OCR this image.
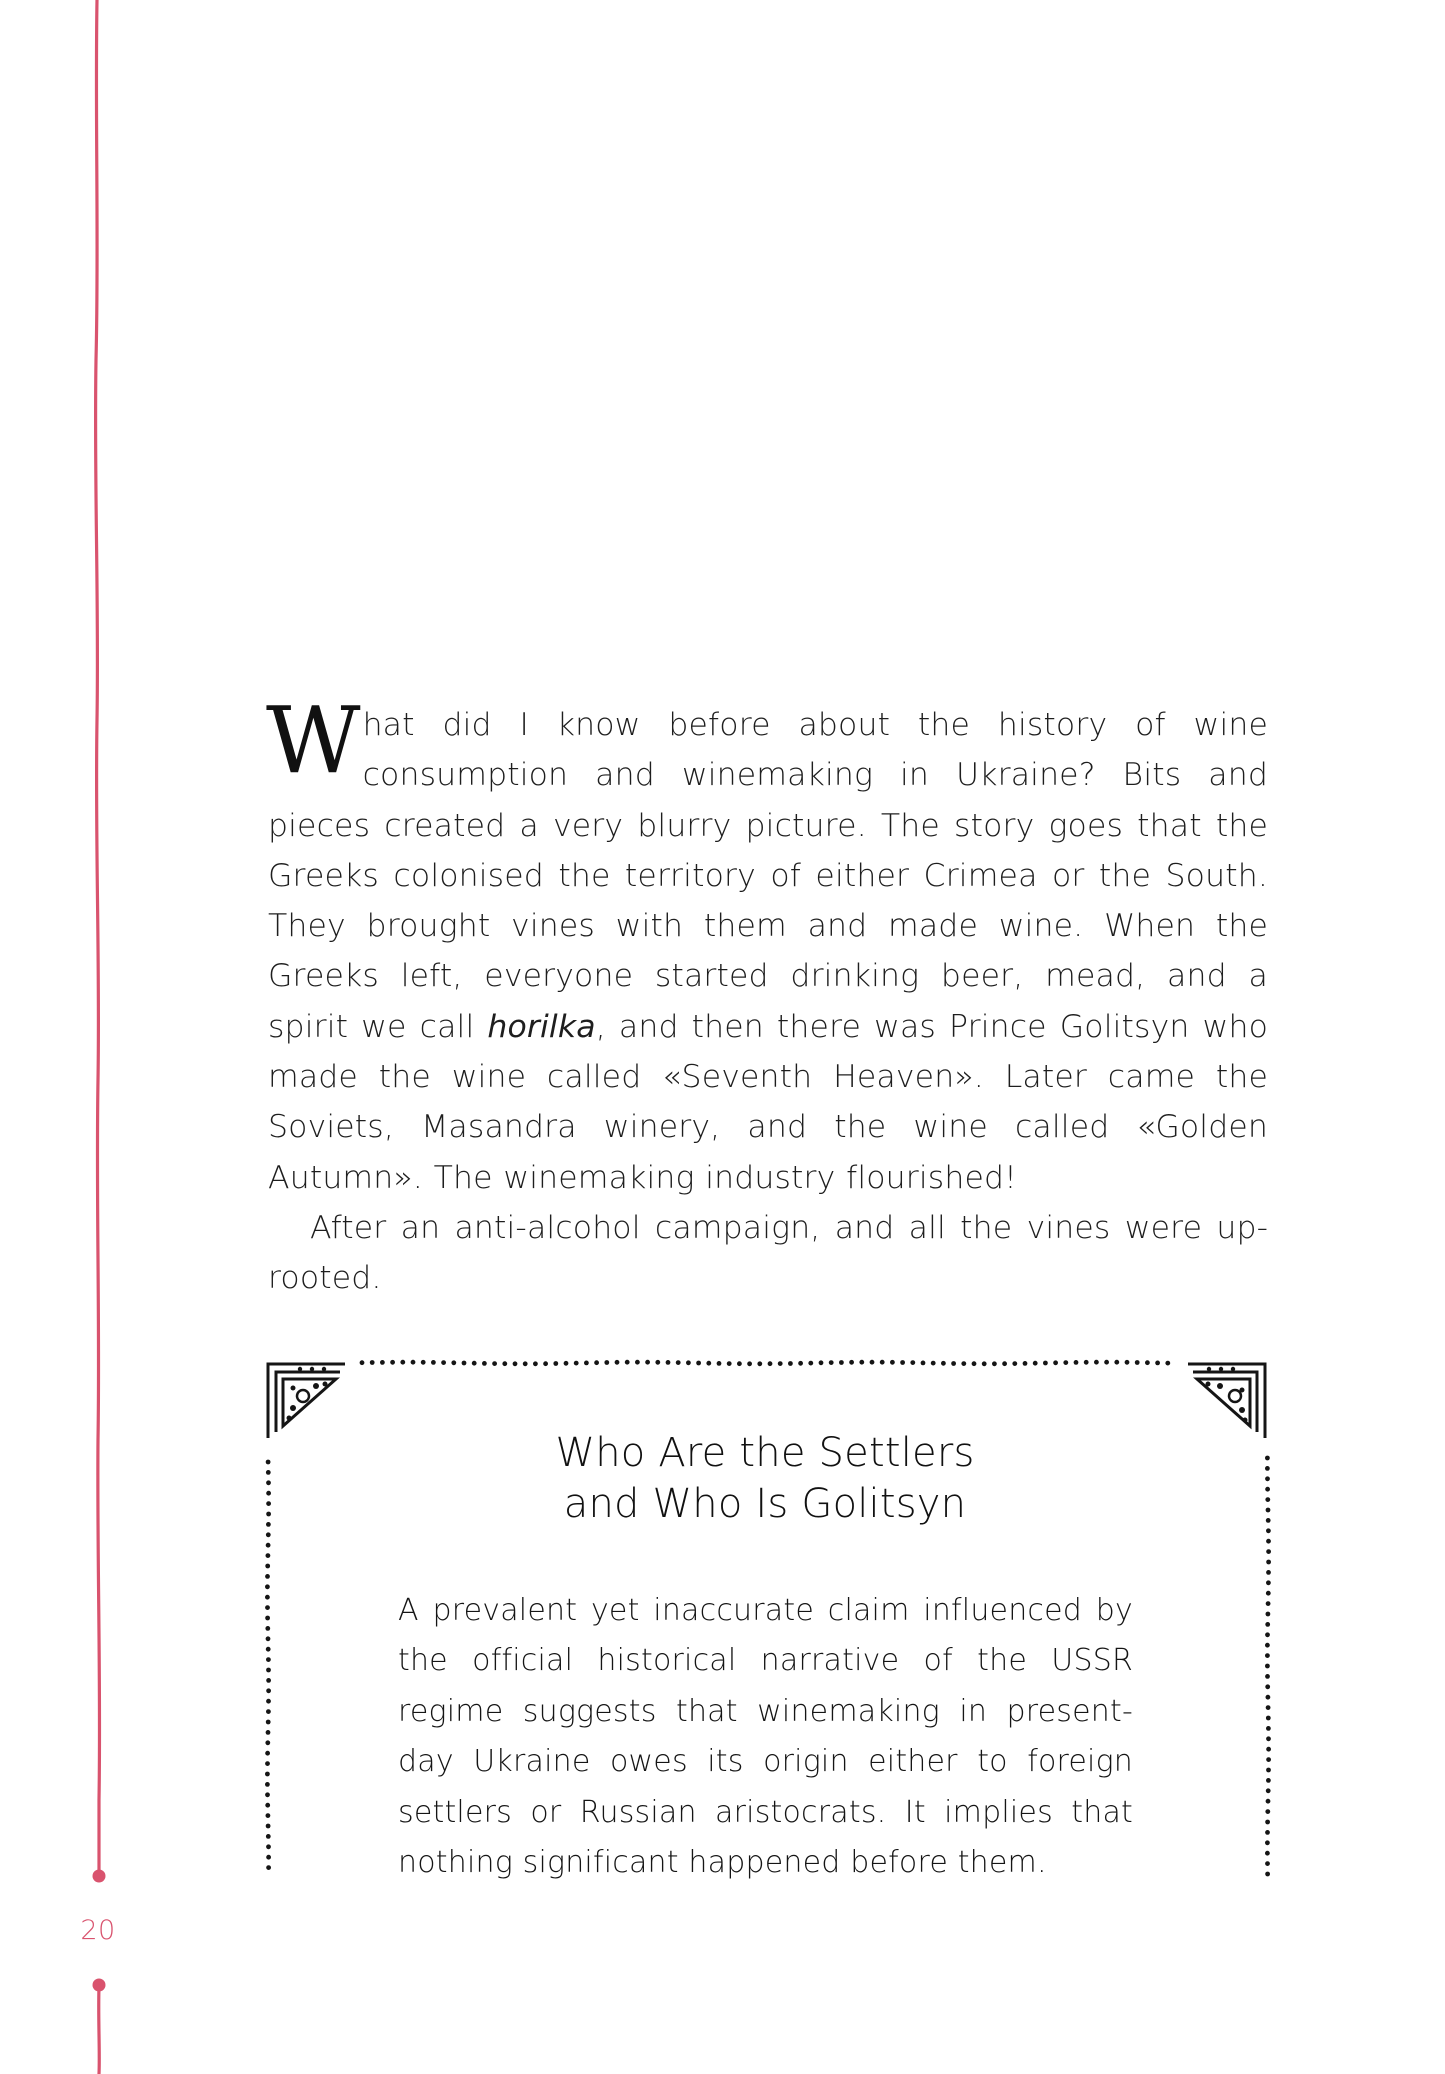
20

What did I know before about the history of wine consumption and winemaking in Ukraine? Bits and pieces created a very blurry picture. The story goes that the Greeks colonised the territory of either Crimea or the South. They brought vines with them and made wine. When the Greeks left, everyone started drinking beer, mead, and a spirit we call horilka, and then there was Prince Golitsyn who made the wine called «Seventh Heaven». Later came the Soviets, Masandra winery, and the wine called «Golden Autumn». The winemaking industry flourished!

After an anti-alcohol campaign, and all the vines were uprooted.

Who Are the Settlers
and Who Is Golitsyn

A prevalent yet inaccurate claim influenced by the official historical narrative of the USSR regime suggests that winemaking in present-day Ukraine owes its origin either to foreign settlers or Russian aristocrats. It implies that nothing significant happened before them.
